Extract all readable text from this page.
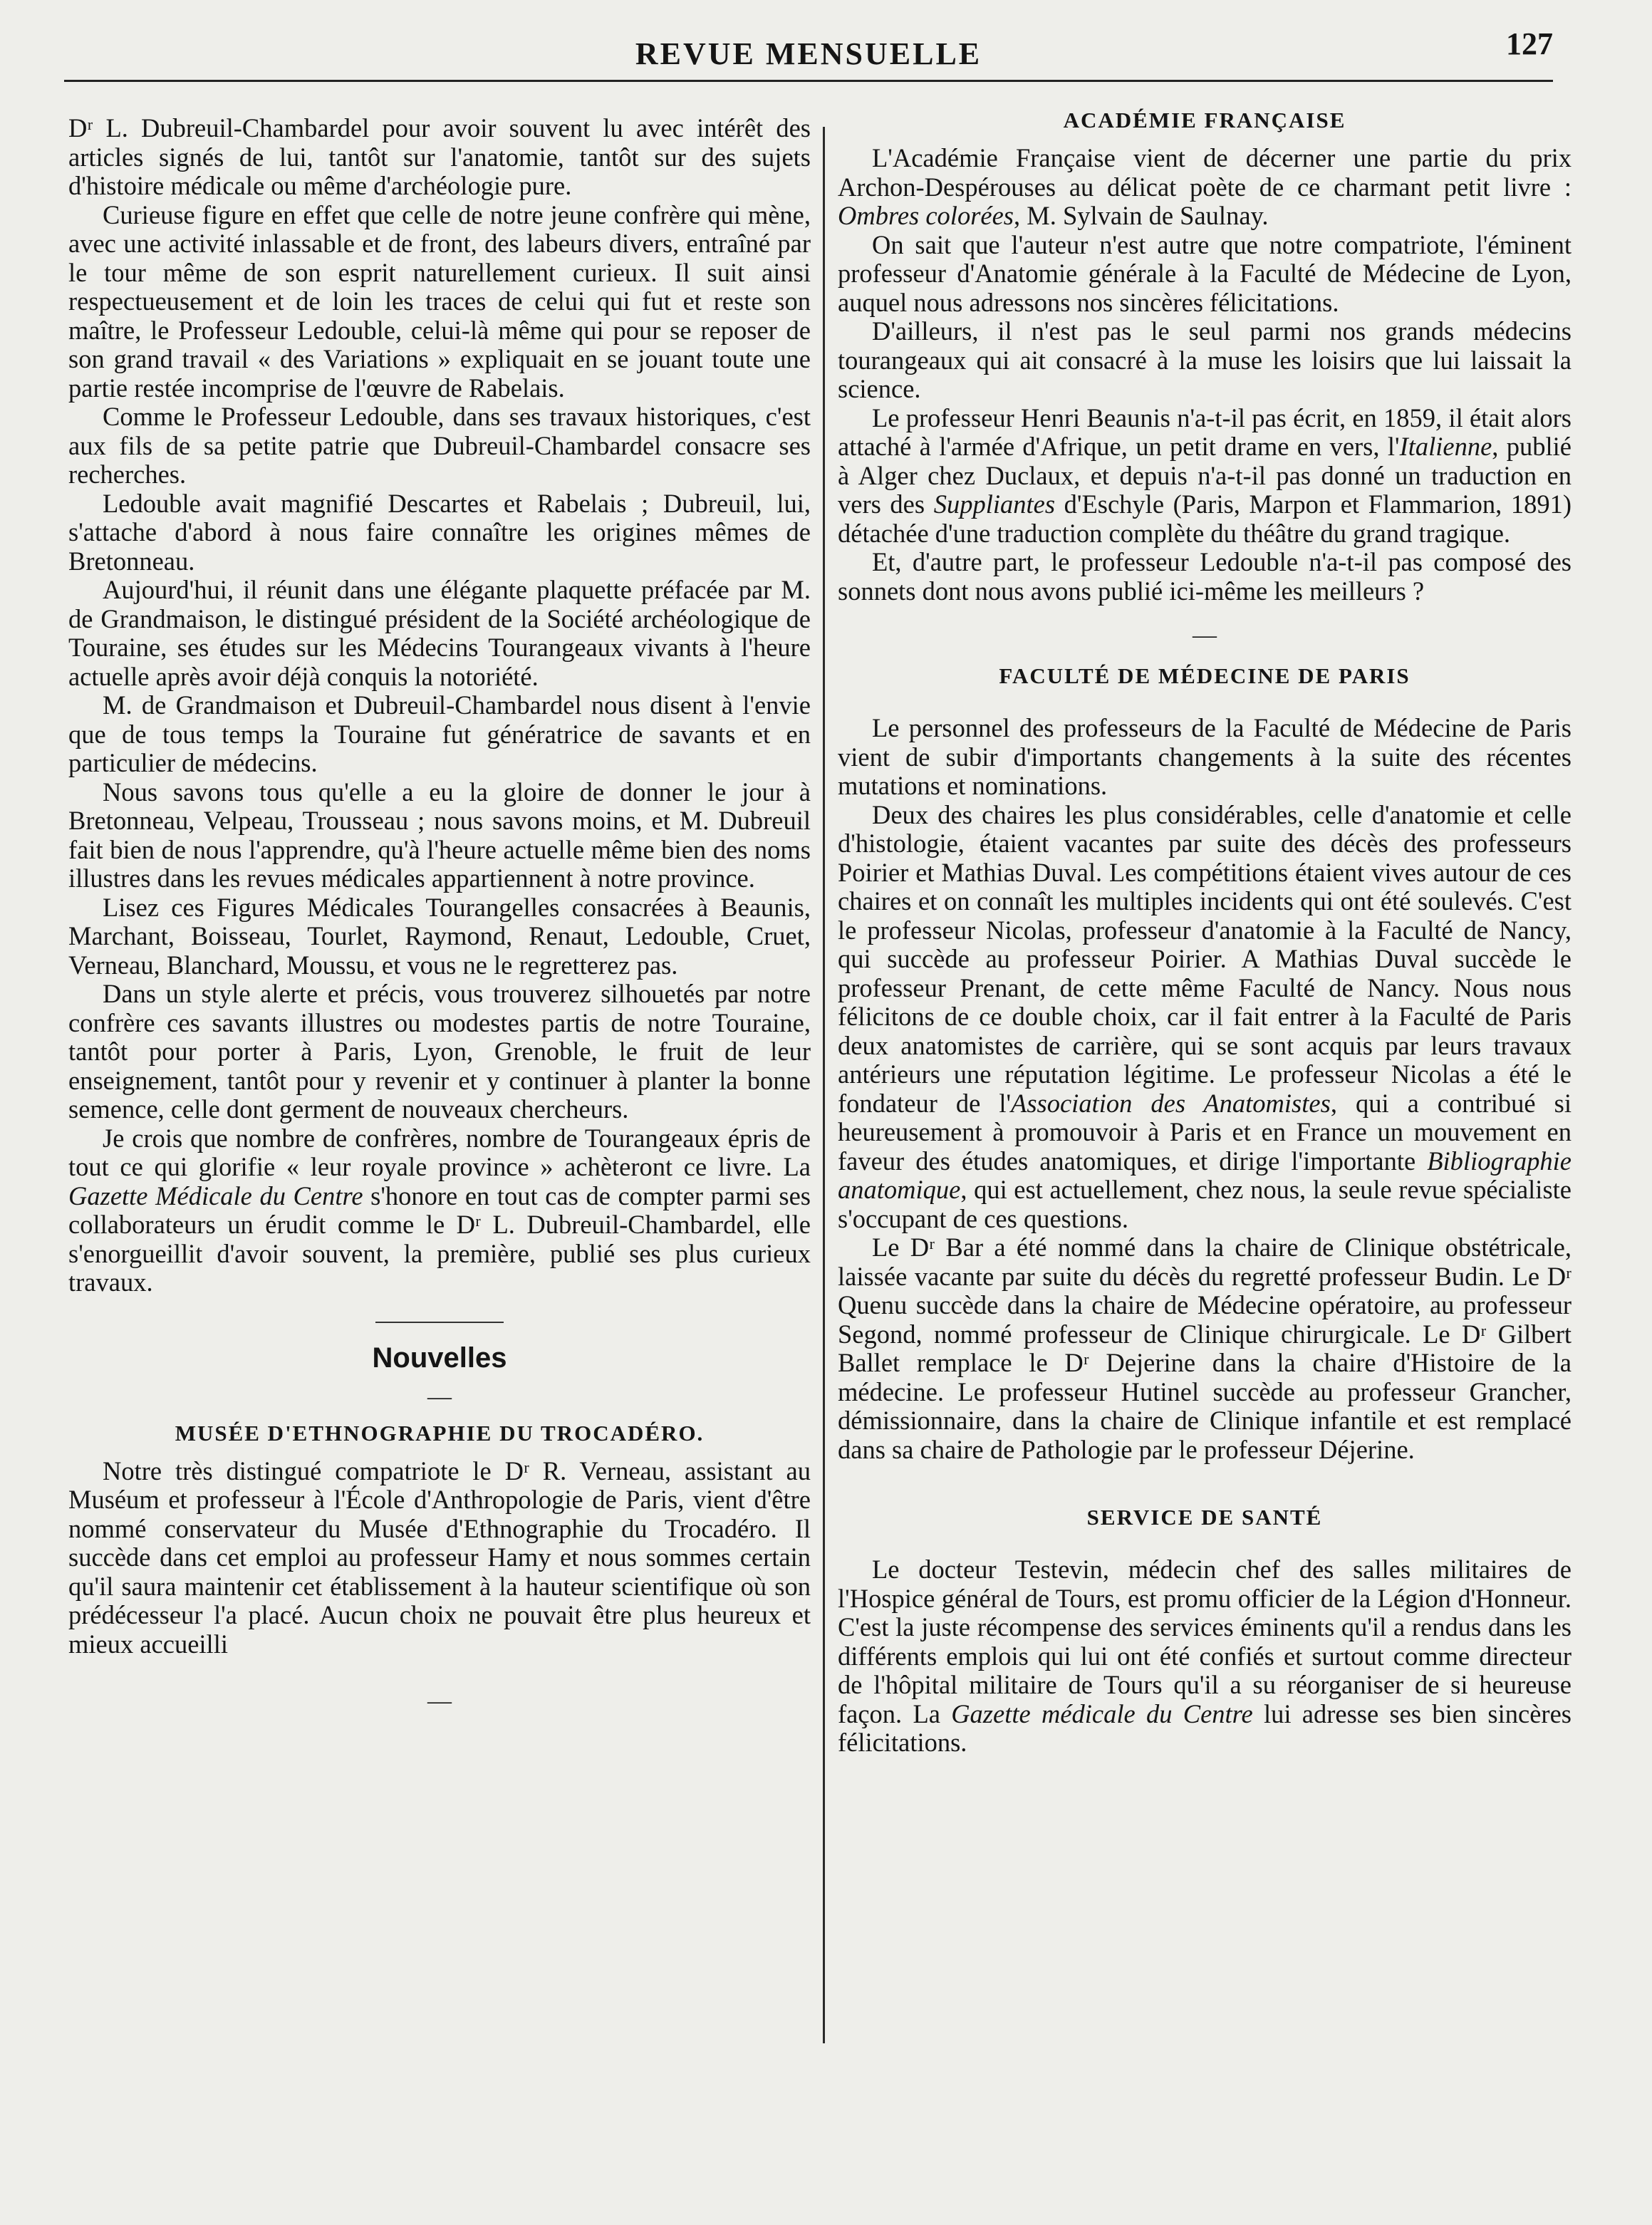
REVUE MENSUELLE	127

Dʳ L. Dubreuil-Chambardel pour avoir souvent lu avec intérêt des articles signés de lui, tantôt sur l'anatomie, tantôt sur des sujets d'histoire médicale ou même d'archéologie pure.

Curieuse figure en effet que celle de notre jeune confrère qui mène, avec une activité inlassable et de front, des labeurs divers, entraîné par le tour même de son esprit naturellement curieux. Il suit ainsi respectueusement et de loin les traces de celui qui fut et reste son maître, le Professeur Ledouble, celui-là même qui pour se reposer de son grand travail « des Variations » expliquait en se jouant toute une partie restée incomprise de l'œuvre de Rabelais.

Comme le Professeur Ledouble, dans ses travaux historiques, c'est aux fils de sa petite patrie que Dubreuil-Chambardel consacre ses recherches.

Ledouble avait magnifié Descartes et Rabelais ; Dubreuil, lui, s'attache d'abord à nous faire connaître les origines mêmes de Bretonneau.

Aujourd'hui, il réunit dans une élégante plaquette préfacée par M. de Grandmaison, le distingué président de la Société archéologique de Touraine, ses études sur les Médecins Tourangeaux vivants à l'heure actuelle après avoir déjà conquis la notoriété.

M. de Grandmaison et Dubreuil-Chambardel nous disent à l'envie que de tous temps la Touraine fut génératrice de savants et en particulier de médecins.

Nous savons tous qu'elle a eu la gloire de donner le jour à Bretonneau, Velpeau, Trousseau ; nous savons moins, et M. Dubreuil fait bien de nous l'apprendre, qu'à l'heure actuelle même bien des noms illustres dans les revues médicales appartiennent à notre province.

Lisez ces Figures Médicales Tourangelles consacrées à Beaunis, Marchant, Boisseau, Tourlet, Raymond, Renaut, Ledouble, Cruet, Verneau, Blanchard, Moussu, et vous ne le regretterez pas.

Dans un style alerte et précis, vous trouverez silhouetés par notre confrère ces savants illustres ou modestes partis de notre Touraine, tantôt pour porter à Paris, Lyon, Grenoble, le fruit de leur enseignement, tantôt pour y revenir et y continuer à planter la bonne semence, celle dont germent de nouveaux chercheurs.

Je crois que nombre de confrères, nombre de Tourangeaux épris de tout ce qui glorifie « leur royale province » achèteront ce livre. La Gazette Médicale du Centre s'honore en tout cas de compter parmi ses collaborateurs un érudit comme le Dʳ L. Dubreuil-Chambardel, elle s'enorgueillit d'avoir souvent, la première, publié ses plus curieux travaux.

Nouvelles
—
MUSÉE D'ETHNOGRAPHIE DU TROCADÉRO.

Notre très distingué compatriote le Dʳ R. Verneau, assistant au Muséum et professeur à l'École d'Anthropologie de Paris, vient d'être nommé conservateur du Musée d'Ethnographie du Trocadéro. Il succède dans cet emploi au professeur Hamy et nous sommes certain qu'il saura maintenir cet établissement à la hauteur scientifique où son prédécesseur l'a placé. Aucun choix ne pouvait être plus heureux et mieux accueilli

—
ACADÉMIE FRANÇAISE

L'Académie Française vient de décerner une partie du prix Archon-Despérouses au délicat poète de ce charmant petit livre : Ombres colorées, M. Sylvain de Saulnay.

On sait que l'auteur n'est autre que notre compatriote, l'éminent professeur d'Anatomie générale à la Faculté de Médecine de Lyon, auquel nous adressons nos sincères félicitations.

D'ailleurs, il n'est pas le seul parmi nos grands médecins tourangeaux qui ait consacré à la muse les loisirs que lui laissait la science.

Le professeur Henri Beaunis n'a-t-il pas écrit, en 1859, il était alors attaché à l'armée d'Afrique, un petit drame en vers, l'Italienne, publié à Alger chez Duclaux, et depuis n'a-t-il pas donné un traduction en vers des Suppliantes d'Eschyle (Paris, Marpon et Flammarion, 1891) détachée d'une traduction complète du théâtre du grand tragique.

Et, d'autre part, le professeur Ledouble n'a-t-il pas composé des sonnets dont nous avons publié ici-même les meilleurs ?

—
FACULTÉ DE MÉDECINE DE PARIS

Le personnel des professeurs de la Faculté de Médecine de Paris vient de subir d'importants changements à la suite des récentes mutations et nominations.

Deux des chaires les plus considérables, celle d'anatomie et celle d'histologie, étaient vacantes par suite des décès des professeurs Poirier et Mathias Duval. Les compétitions étaient vives autour de ces chaires et on connaît les multiples incidents qui ont été soulevés. C'est le professeur Nicolas, professeur d'anatomie à la Faculté de Nancy, qui succède au professeur Poirier. A Mathias Duval succède le professeur Prenant, de cette même Faculté de Nancy. Nous nous félicitons de ce double choix, car il fait entrer à la Faculté de Paris deux anatomistes de carrière, qui se sont acquis par leurs travaux antérieurs une réputation légitime. Le professeur Nicolas a été le fondateur de l'Association des Anatomistes, qui a contribué si heureusement à promouvoir à Paris et en France un mouvement en faveur des études anatomiques, et dirige l'importante Bibliographie anatomique, qui est actuellement, chez nous, la seule revue spécialiste s'occupant de ces questions.

Le Dʳ Bar a été nommé dans la chaire de Clinique obstétricale, laissée vacante par suite du décès du regretté professeur Budin. Le Dʳ Quenu succède dans la chaire de Médecine opératoire, au professeur Segond, nommé professeur de Clinique chirurgicale. Le Dʳ Gilbert Ballet remplace le Dʳ Dejerine dans la chaire d'Histoire de la médecine. Le professeur Hutinel succède au professeur Grancher, démissionnaire, dans la chaire de Clinique infantile et est remplacé dans sa chaire de Pathologie par le professeur Déjerine.

SERVICE DE SANTÉ

Le docteur Testevin, médecin chef des salles militaires de l'Hospice général de Tours, est promu officier de la Légion d'Honneur. C'est la juste récompense des services éminents qu'il a rendus dans les différents emplois qui lui ont été confiés et surtout comme directeur de l'hôpital militaire de Tours qu'il a su réorganiser de si heureuse façon. La Gazette médicale du Centre lui adresse ses bien sincères félicitations.
